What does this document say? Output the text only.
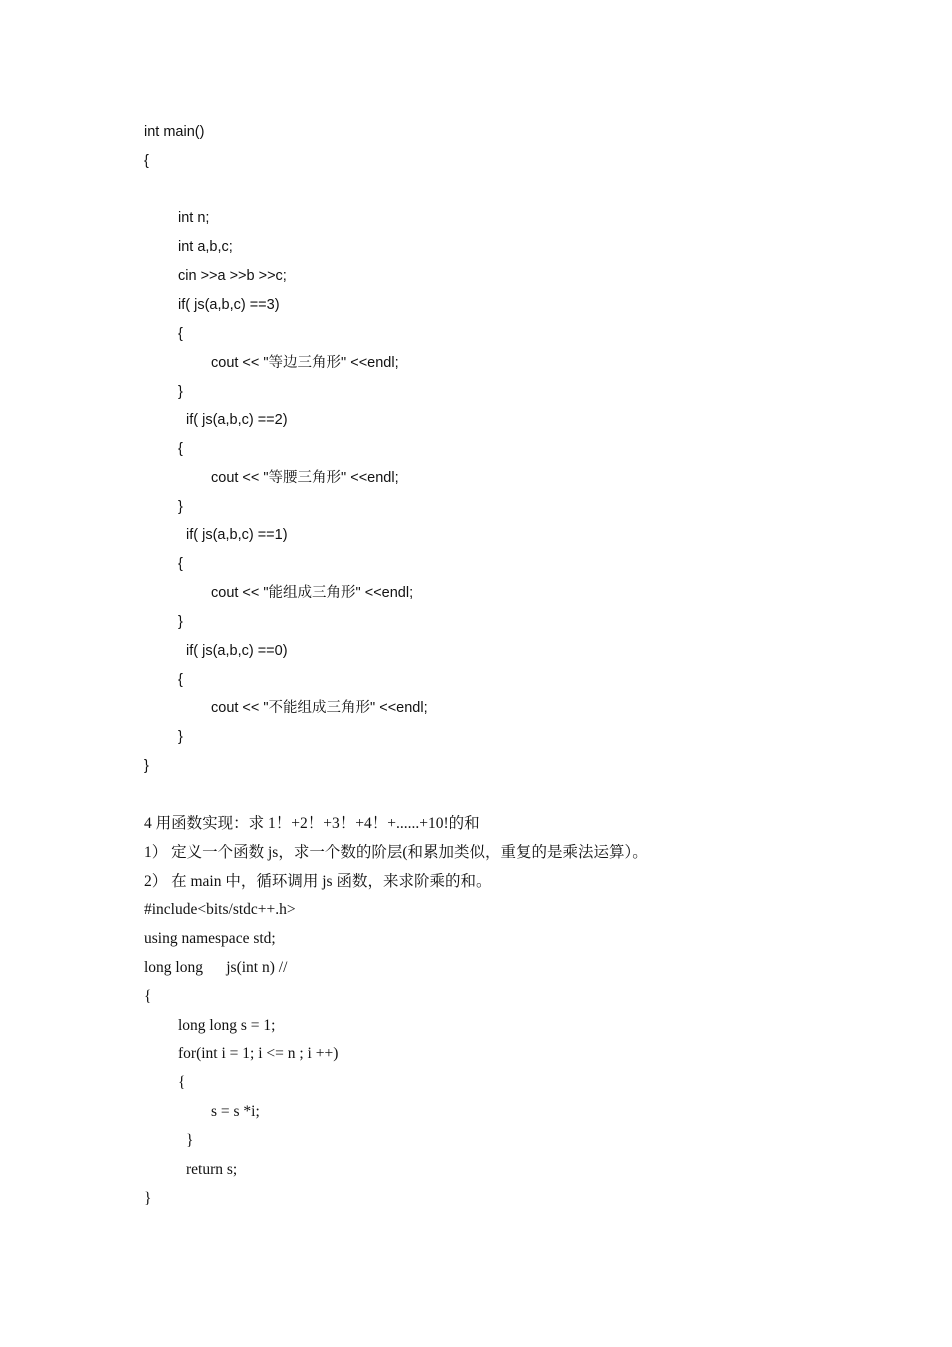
int main()
{
int n;
int a,b,c;
cin >>a >>b >>c;
if( js(a,b,c) ==3)
{
cout << "等边三角形" <<endl;
}
if( js(a,b,c) ==2)
{
cout << "等腰三角形" <<endl;
}
if( js(a,b,c) ==1)
{
cout << "能组成三角形" <<endl;
}
if( js(a,b,c) ==0)
{
cout << "不能组成三角形" <<endl;
}
}
4 用函数实现：求 1！+2！+3！+4！+......+10!的和
1） 定义一个函数 js，求一个数的阶层(和累加类似，重复的是乘法运算）。
2） 在 main 中，循环调用 js 函数，来求阶乘的和。
#include<bits/stdc++.h>
using namespace std;
long long      js(int n) //
{
long long s = 1;
for(int i = 1; i <= n ; i ++)
{
s = s *i;
}
return s;
}
